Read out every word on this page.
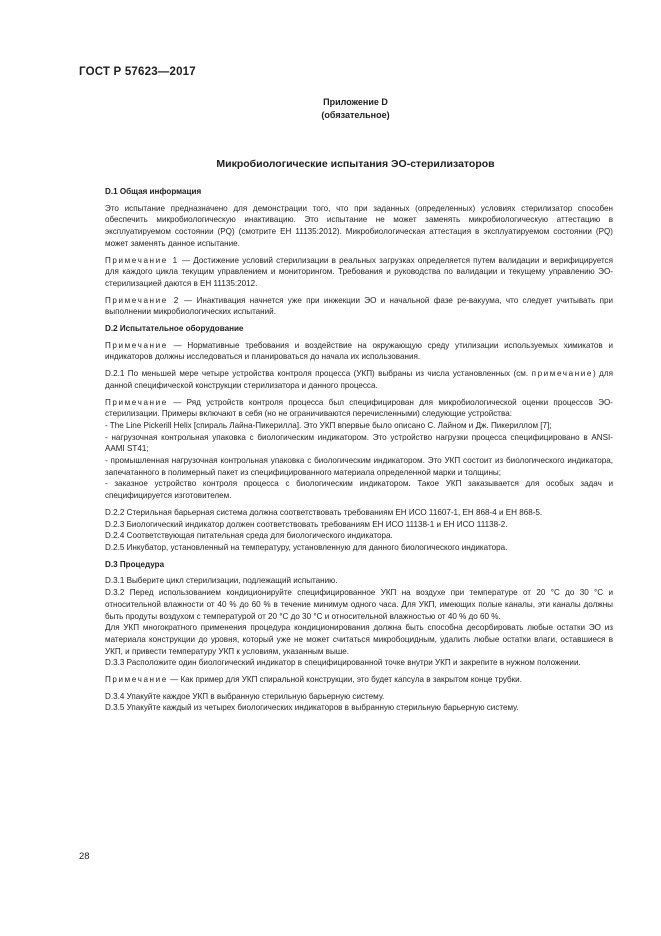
ГОСТ Р 57623—2017
Приложение D
(обязательное)
Микробиологические испытания ЭО-стерилизаторов

D.1 Общая информация

Это испытание предназначено для демонстрации того, что при заданных (определенных) условиях стерилизатор способен обеспечить микробиологическую инактивацию. Это испытание не может заменять микробиологическую аттестацию в эксплуатируемом состоянии (PQ) (смотрите ЕН 11135:2012). Микробиологическая аттестация в эксплуатируемом состоянии (PQ) может заменять данное испытание.

Примечание 1 — Достижение условий стерилизации в реальных загрузках определяется путем валидации и верифицируется для каждого цикла текущим управлением и мониторингом. Требования и руководства по валидации и текущему управлению ЭО-стерилизацией даются в ЕН 11135:2012.

Примечание 2 — Инактивация начнется уже при инжекции ЭО и начальной фазе ре-вакуума, что следует учитывать при выполнении микробиологических испытаний.

D.2 Испытательное оборудование

Примечание — Нормативные требования и воздействие на окружающую среду утилизации используемых химикатов и индикаторов должны исследоваться и планироваться до начала их использования.

D.2.1 По меньшей мере четыре устройства контроля процесса (УКП) выбраны из числа установленных (см. примечание) для данной специфической конструкции стерилизатора и данного процесса.

Примечание — Ряд устройств контроля процесса был специфицирован для микробиологической оценки процессов ЭО-стерилизации. Примеры включают в себя (но не ограничиваются перечисленными) следующие устройства:

- The Line Pickerill Helix [спираль Лайна-Пикерилла]. Это УКП впервые было описано С. Лайном и Дж. Пикериллом [7];

- нагрузочная контрольная упаковка с биологическим индикатором. Это устройство нагрузки процесса специфицировано в ANSI-AAMI ST41;

- промышленная нагрузочная контрольная упаковка с биологическим индикатором. Это УКП состоит из биологического индикатора, запечатанного в полимерный пакет из специфицированного материала определенной марки и толщины;

- заказное устройство контроля процесса с биологическим индикатором. Такое УКП заказывается для особых задач и специфицируется изготовителем.

D.2.2 Стерильная барьерная система должна соответствовать требованиям ЕН ИСО 11607-1, ЕН 868-4 и ЕН 868-5.

D.2.3 Биологический индикатор должен соответствовать требованиям ЕН ИСО 11138-1 и ЕН ИСО 11138-2.

D.2.4 Соответствующая питательная среда для биологического индикатора.

D.2.5 Инкубатор, установленный на температуру, установленную для данного биологического индикатора.

D.3 Процедура

D.3.1 Выберите цикл стерилизации, подлежащий испытанию.

D.3.2 Перед использованием кондиционируйте специфицированное УКП на воздухе при температуре от 20 °С до 30 °С и относительной влажности от 40 % до 60 % в течение минимум одного часа. Для УКП, имеющих полые каналы, эти каналы должны быть продуты воздухом с температурой от 20 °С до 30 °С и относительной влажностью от 40 % до 60 %.

Для УКП многократного применения процедура кондиционирования должна быть способна десорбировать любые остатки ЭО из материала конструкции до уровня, который уже не может считаться микробоцидным, удалить любые остатки влаги, оставшиеся в УКП, и привести температуру УКП к условиям, указанным выше.

D.3.3 Расположите один биологический индикатор в специфицированной точке внутри УКП и закрепите в нужном положении.

Примечание — Как пример для УКП спиральной конструкции, это будет капсула в закрытом конце трубки.

D.3.4 Упакуйте каждое УКП в выбранную стерильную барьерную систему.

D.3.5 Упакуйте каждый из четырех биологических индикаторов в выбранную стерильную барьерную систему.

28
